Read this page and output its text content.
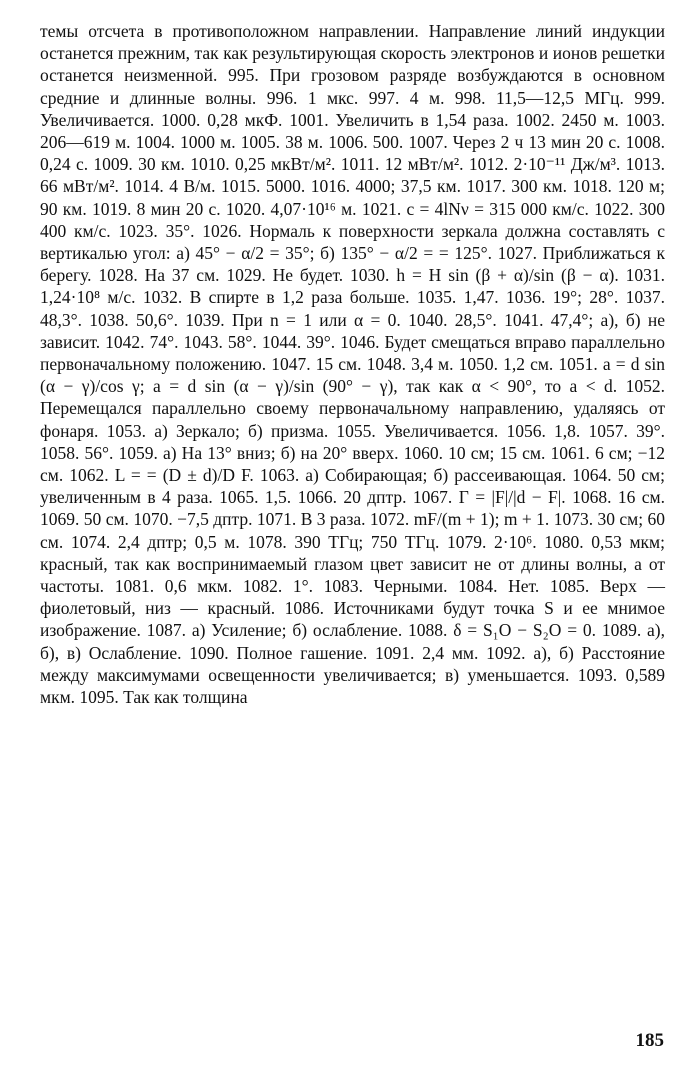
темы отсчета в противоположном направлении. Направление линий индукции останется прежним, так как результирующая скорость электронов и ионов решетки останется неизменной. 995. При грозовом разряде возбуждаются в основном средние и длинные волны. 996. 1 мкс. 997. 4 м. 998. 11,5—12,5 МГц. 999. Увеличивается. 1000. 0,28 мкФ. 1001. Увеличить в 1,54 раза. 1002. 2450 м. 1003. 206—619 м. 1004. 1000 м. 1005. 38 м. 1006. 500. 1007. Через 2 ч 13 мин 20 с. 1008. 0,24 с. 1009. 30 км. 1010. 0,25 мкВт/м². 1011. 12 мВт/м². 1012. 2·10⁻¹¹ Дж/м³. 1013. 66 мВт/м². 1014. 4 В/м. 1015. 5000. 1016. 4000; 37,5 км. 1017. 300 км. 1018. 120 м; 90 км. 1019. 8 мин 20 с. 1020. 4,07·10¹⁶ м. 1021. c = 4lNν = 315 000 км/с. 1022. 300 400 км/с. 1023. 35°. 1026. Нормаль к поверхности зеркала должна составлять с вертикалью угол: а) 45° − α/2 = 35°; б) 135° − α/2 = = 125°. 1027. Приближаться к берегу. 1028. На 37 см. 1029. Не будет. 1030. h = H sin (β + α)/sin (β − α). 1031. 1,24·10⁸ м/с. 1032. В спирте в 1,2 раза больше. 1035. 1,47. 1036. 19°; 28°. 1037. 48,3°. 1038. 50,6°. 1039. При n = 1 или α = 0. 1040. 28,5°. 1041. 47,4°; а), б) не зависит. 1042. 74°. 1043. 58°. 1044. 39°. 1046. Будет смещаться вправо параллельно первоначальному положению. 1047. 15 см. 1048. 3,4 м. 1050. 1,2 см. 1051. a = d sin (α − γ)/cos γ; a = d sin (α − γ)/sin (90° − γ), так как α < 90°, то a < d. 1052. Перемещался параллельно своему первоначальному направлению, удаляясь от фонаря. 1053. а) Зеркало; б) призма. 1055. Увеличивается. 1056. 1,8. 1057. 39°. 1058. 56°. 1059. а) На 13° вниз; б) на 20° вверх. 1060. 10 см; 15 см. 1061. 6 см; −12 см. 1062. L = = (D ± d)/D F. 1063. а) Собирающая; б) рассеивающая. 1064. 50 см; увеличенным в 4 раза. 1065. 1,5. 1066. 20 дптр. 1067. Γ = |F|/|d − F|. 1068. 16 см. 1069. 50 см. 1070. −7,5 дптр. 1071. В 3 раза. 1072. mF/(m + 1); m + 1. 1073. 30 см; 60 см. 1074. 2,4 дптр; 0,5 м. 1078. 390 ТГц; 750 ТГц. 1079. 2·10⁶. 1080. 0,53 мкм; красный, так как воспринимаемый глазом цвет зависит не от длины волны, а от частоты. 1081. 0,6 мкм. 1082. 1°. 1083. Черными. 1084. Нет. 1085. Верх — фиолетовый, низ — красный. 1086. Источниками будут точка S и ее мнимое изображение. 1087. а) Усиление; б) ослабление. 1088. δ = S₁O − S₂O = 0. 1089. а), б), в) Ослабление. 1090. Полное гашение. 1091. 2,4 мм. 1092. а), б) Расстояние между максимумами освещенности увеличивается; в) уменьшается. 1093. 0,589 мкм. 1095. Так как толщина

185
